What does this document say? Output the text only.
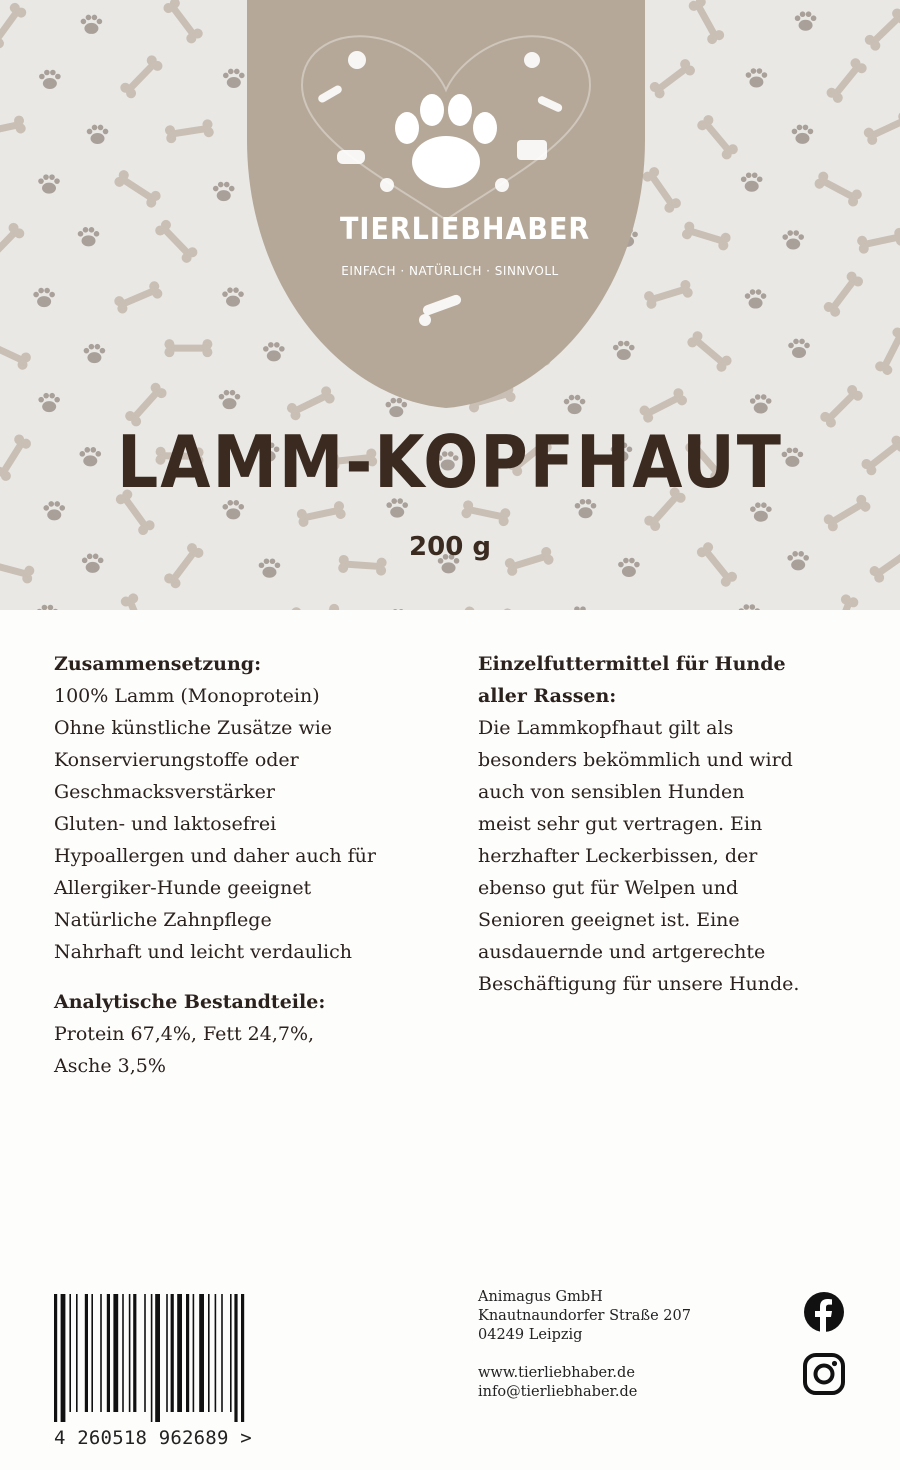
.
TIERLIEBHABER
EINFACH · NATÜRLICH · SINNVOLL
LAMM-KOPFHAUT
200 g
Zusammensetzung:
100% Lamm (Monoprotein)
Ohne künstliche Zusätze wie
Konservierungstoffe oder
Geschmacksverstärker
Gluten- und laktosefrei
Hypoallergen und daher auch für
Allergiker-Hunde geeignet
Natürliche Zahnpflege
Nahrhaft und leicht verdaulich
Analytische Bestandteile:
Protein 67,4%, Fett 24,7%,
Asche 3,5%
Einzelfuttermittel für Hunde
aller Rassen:
Die Lammkopfhaut gilt als
besonders bekömmlich und wird
auch von sensiblen Hunden
meist sehr gut vertragen. Ein
herzhafter Leckerbissen, der
ebenso gut für Welpen und
Senioren geeignet ist. Eine
ausdauernde und artgerechte
Beschäftigung für unsere Hunde.
4 260518 962689 >
Animagus GmbH
Knautnaundorfer Straße 207
04249 Leipzig
www.tierliebhaber.de
info@tierliebhaber.de
